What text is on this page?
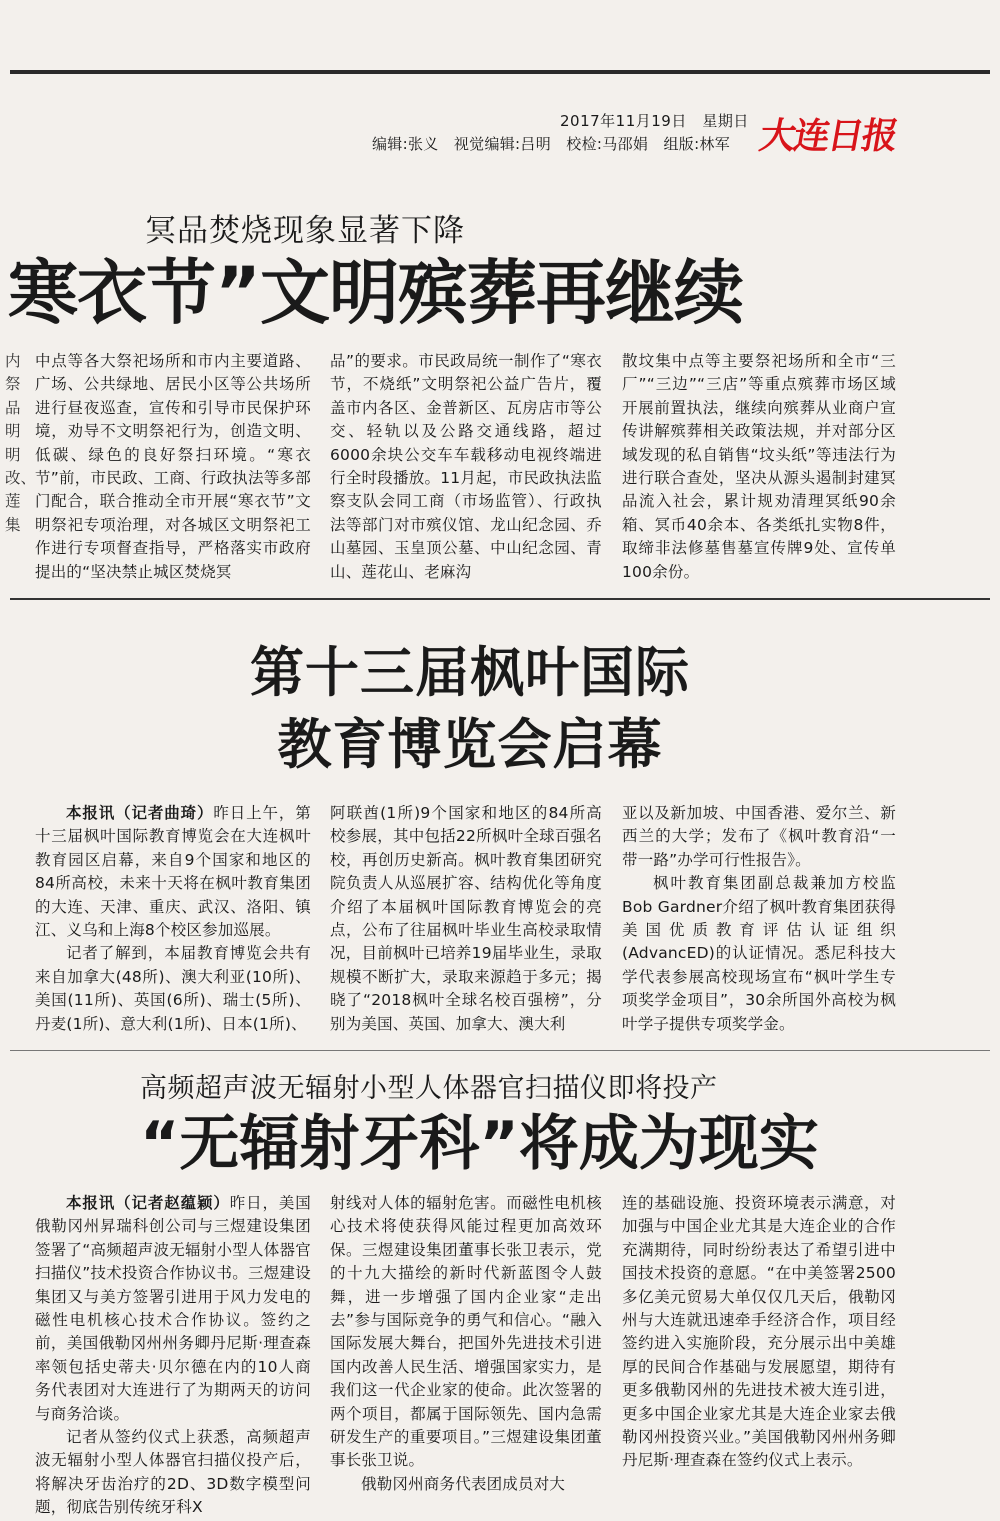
2017年11月19日　星期日
编辑:张义　视觉编辑:吕明　校检:马邵娟　组版:林军 大连日报
冥品焚烧现象显著下降
寒衣节”文明殡葬再继续
内祭品明明改、莲集
中点等各大祭祀场所和市内主要道路、广场、公共绿地、居民小区等公共场所进行昼夜巡查，宣传和引导市民保护环境，劝导不文明祭祀行为，创造文明、低碳、绿色的良好祭扫环境。“寒衣节”前，市民政、工商、行政执法等多部门配合，联合推动全市开展“寒衣节”文明祭祀专项治理，对各城区文明祭祀工作进行专项督查指导，严格落实市政府提出的“坚决禁止城区焚烧冥
品”的要求。市民政局统一制作了“寒衣节，不烧纸”文明祭祀公益广告片，覆盖市内各区、金普新区、瓦房店市等公交、轻轨以及公路交通线路，超过6000余块公交车车载移动电视终端进行全时段播放。11月起，市民政执法监察支队会同工商（市场监管）、行政执法等部门对市殡仪馆、龙山纪念园、乔山墓园、玉皇顶公墓、中山纪念园、青山、莲花山、老麻沟
散坟集中点等主要祭祀场所和全市“三厂”“三边”“三店”等重点殡葬市场区域开展前置执法，继续向殡葬从业商户宣传讲解殡葬相关政策法规，并对部分区域发现的私自销售“坟头纸”等违法行为进行联合查处，坚决从源头遏制封建冥品流入社会，累计规劝清理冥纸90余箱、冥币40余本、各类纸扎实物8件，取缔非法修墓售墓宣传牌9处、宣传单100余份。
第十三届枫叶国际
教育博览会启幕

本报讯（记者曲琦）昨日上午，第十三届枫叶国际教育博览会在大连枫叶教育园区启幕，来自9个国家和地区的84所高校，未来十天将在枫叶教育集团的大连、天津、重庆、武汉、洛阳、镇江、义乌和上海8个校区参加巡展。

记者了解到，本届教育博览会共有来自加拿大(48所)、澳大利亚(10所)、美国(11所)、英国(6所)、瑞士(5所)、丹麦(1所)、意大利(1所)、日本(1所)、

阿联酋(1所)9个国家和地区的84所高校参展，其中包括22所枫叶全球百强名校，再创历史新高。枫叶教育集团研究院负责人从巡展扩容、结构优化等角度介绍了本届枫叶国际教育博览会的亮点，公布了往届枫叶毕业生高校录取情况，目前枫叶已培养19届毕业生，录取规模不断扩大，录取来源趋于多元；揭晓了“2018枫叶全球名校百强榜”，分别为美国、英国、加拿大、澳大利

亚以及新加坡、中国香港、爱尔兰、新西兰的大学；发布了《枫叶教育沿“一带一路”办学可行性报告》。

枫叶教育集团副总裁兼加方校监Bob Gardner介绍了枫叶教育集团获得美国优质教育评估认证组织(AdvancED)的认证情况。悉尼科技大学代表参展高校现场宣布“枫叶学生专项奖学金项目”，30余所国外高校为枫叶学子提供专项奖学金。

高频超声波无辐射小型人体器官扫描仪即将投产
“无辐射牙科”将成为现实

本报讯（记者赵蕴颖）昨日，美国俄勒冈州昇瑞科创公司与三煜建设集团签署了“高频超声波无辐射小型人体器官扫描仪”技术投资合作协议书。三煜建设集团又与美方签署引进用于风力发电的磁性电机核心技术合作协议。签约之前，美国俄勒冈州州务卿丹尼斯·理查森率领包括史蒂夫·贝尔德在内的10人商务代表团对大连进行了为期两天的访问与商务洽谈。

记者从签约仪式上获悉，高频超声波无辐射小型人体器官扫描仪投产后，将解决牙齿治疗的2D、3D数字模型问题，彻底告别传统牙科X

射线对人体的辐射危害。而磁性电机核心技术将使获得风能过程更加高效环保。三煜建设集团董事长张卫表示，党的十九大描绘的新时代新蓝图令人鼓舞，进一步增强了国内企业家“走出去”参与国际竞争的勇气和信心。“融入国际发展大舞台，把国外先进技术引进国内改善人民生活、增强国家实力，是我们这一代企业家的使命。此次签署的两个项目，都属于国际领先、国内急需研发生产的重要项目。”三煜建设集团董事长张卫说。

俄勒冈州商务代表团成员对大

连的基础设施、投资环境表示满意，对加强与中国企业尤其是大连企业的合作充满期待，同时纷纷表达了希望引进中国技术投资的意愿。“在中美签署2500多亿美元贸易大单仅仅几天后，俄勒冈州与大连就迅速牵手经济合作，项目经签约进入实施阶段，充分展示出中美雄厚的民间合作基础与发展愿望，期待有更多俄勒冈州的先进技术被大连引进，更多中国企业家尤其是大连企业家去俄勒冈州投资兴业。”美国俄勒冈州州务卿丹尼斯·理查森在签约仪式上表示。
